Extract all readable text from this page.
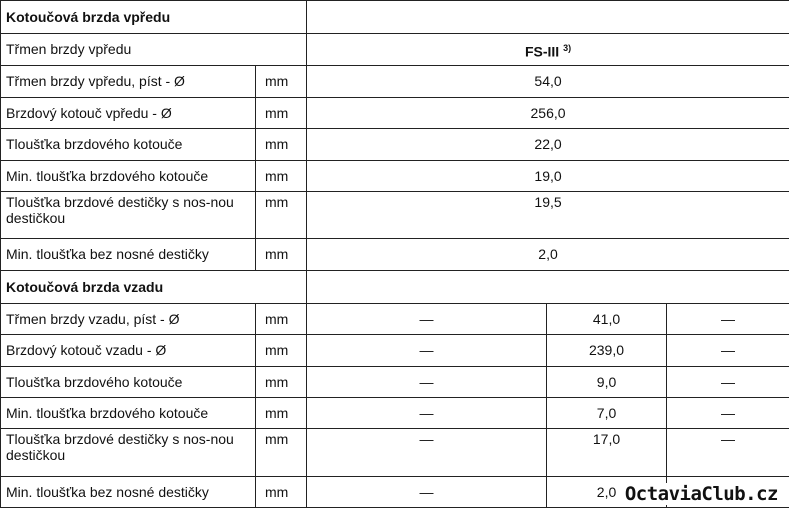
Kotoučová brzda vpředu				
Třmen brzdy vpředu		FS-III $^{3)}$
Třmen brzdy vpředu, píst - Ø	mm	54,0		
Brzdový kotouč vpředu - Ø	mm	256,0		
Tloušťka brzdového kotouče	mm	22,0		
Min. tloušťka brzdového kotouče	mm	19,0		
Tloušťka brzdové destičky s nos-nou destičkou	mm	19,5		
Min. tloušťka bez nosné destičky	mm	2,0		
Kotoučová brzda vzadu				
Třmen brzdy vzadu, píst - Ø	mm	—	41,0	—
Brzdový kotouč vzadu - Ø	mm	—	239,0	—
Tloušťka brzdového kotouče	mm	—	9,0	—
Min. tloušťka brzdového kotouče	mm	—	7,0	—
Tloušťka brzdové destičky s nos-nou destičkou	mm	—	17,0	—
Min. tloušťka bez nosné destičky	mm	—	2,0	OctaviaClub.cz
